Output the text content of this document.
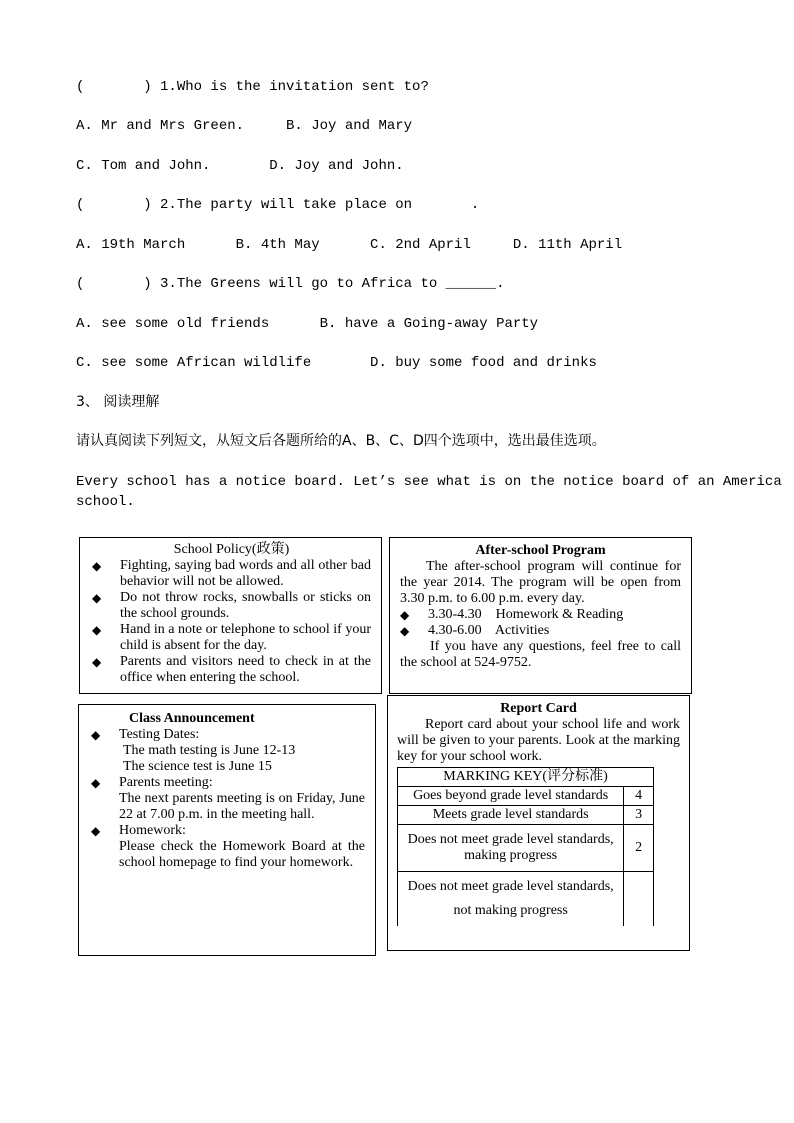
(       ) 1.Who is the invitation sent to?
A. Mr and Mrs Green.     B. Joy and Mary
C. Tom and John.       D. Joy and John.
(       ) 2.The party will take place on       .
A. 19th March      B. 4th May      C. 2nd April     D. 11th April
(       ) 3.The Greens will go to Africa to ______.
A. see some old friends      B. have a Going-away Party
C. see some African wildlife       D. buy some food and drinks
3、 阅读理解
请认真阅读下列短文，从短文后各题所给的A、B、C、D四个选项中，选出最佳选项。
Every school has a notice board. Let’s see what is on the notice board of an America
school.
School Policy(政策)
◆ Fighting, saying bad words and all other bad behavior will not be allowed.
◆ Do not throw rocks, snowballs or sticks on the school grounds.
◆ Hand in a note or telephone to school if your child is absent for the day.
◆ Parents and visitors need to check in at the office when entering the school.
After-school Program
The after-school program will continue for the year 2014. The program will be open from 3.30 p.m. to 6.00 p.m. every day.
◆ 3.30-4.30    Homework & Reading
◆ 4.30-6.00    Activities
If you have any questions, feel free to call the school at 524-9752.
Class Announcement
◆ Testing Dates:
The math testing is June 12-13
The science test is June 15
◆ Parents meeting:
The next parents meeting is on Friday, June 22 at 7.00 p.m. in the meeting hall.
◆ Homework:
Please check the Homework Board at the school homepage to find your homework.
Report Card
Report card about your school life and work will be given to your parents. Look at the marking key for your school work.
MARKING KEY(评分标准)	
Goes beyond grade level standards	4
Meets grade level standards	3
Does not meet grade level standards, making progress	2
Does not meet grade level standards, not making progress	
